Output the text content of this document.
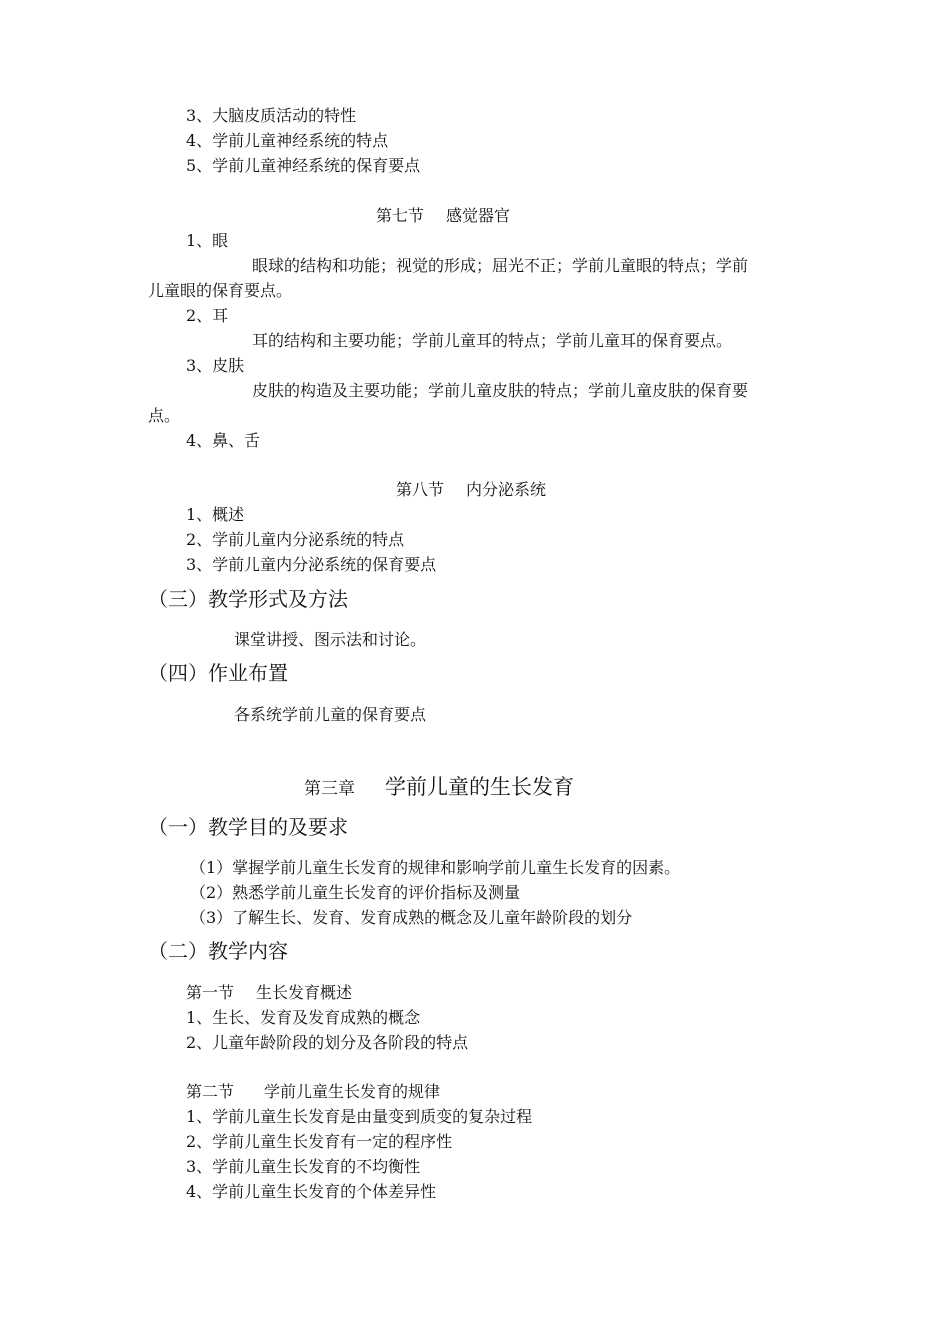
3、大脑皮质活动的特性
4、学前儿童神经系统的特点
5、学前儿童神经系统的保育要点
第七节 感觉器官
1、眼
眼球的结构和功能；视觉的形成；屈光不正；学前儿童眼的特点；学前
儿童眼的保育要点。
2、耳
耳的结构和主要功能；学前儿童耳的特点；学前儿童耳的保育要点。
3、皮肤
皮肤的构造及主要功能；学前儿童皮肤的特点；学前儿童皮肤的保育要
点。
4、鼻、舌
第八节 内分泌系统
1、概述
2、学前儿童内分泌系统的特点
3、学前儿童内分泌系统的保育要点
（三）教学形式及方法
课堂讲授、图示法和讨论。
（四）作业布置
各系统学前儿童的保育要点
第三章 学前儿童的生长发育
（一）教学目的及要求
（1）掌握学前儿童生长发育的规律和影响学前儿童生长发育的因素。
（2）熟悉学前儿童生长发育的评价指标及测量
（3）了解生长、发育、发育成熟的概念及儿童年龄阶段的划分
（二）教学内容
第一节 生长发育概述
1、生长、发育及发育成熟的概念
2、儿童年龄阶段的划分及各阶段的特点
第二节 学前儿童生长发育的规律
1、学前儿童生长发育是由量变到质变的复杂过程
2、学前儿童生长发育有一定的程序性
3、学前儿童生长发育的不均衡性
4、学前儿童生长发育的个体差异性
